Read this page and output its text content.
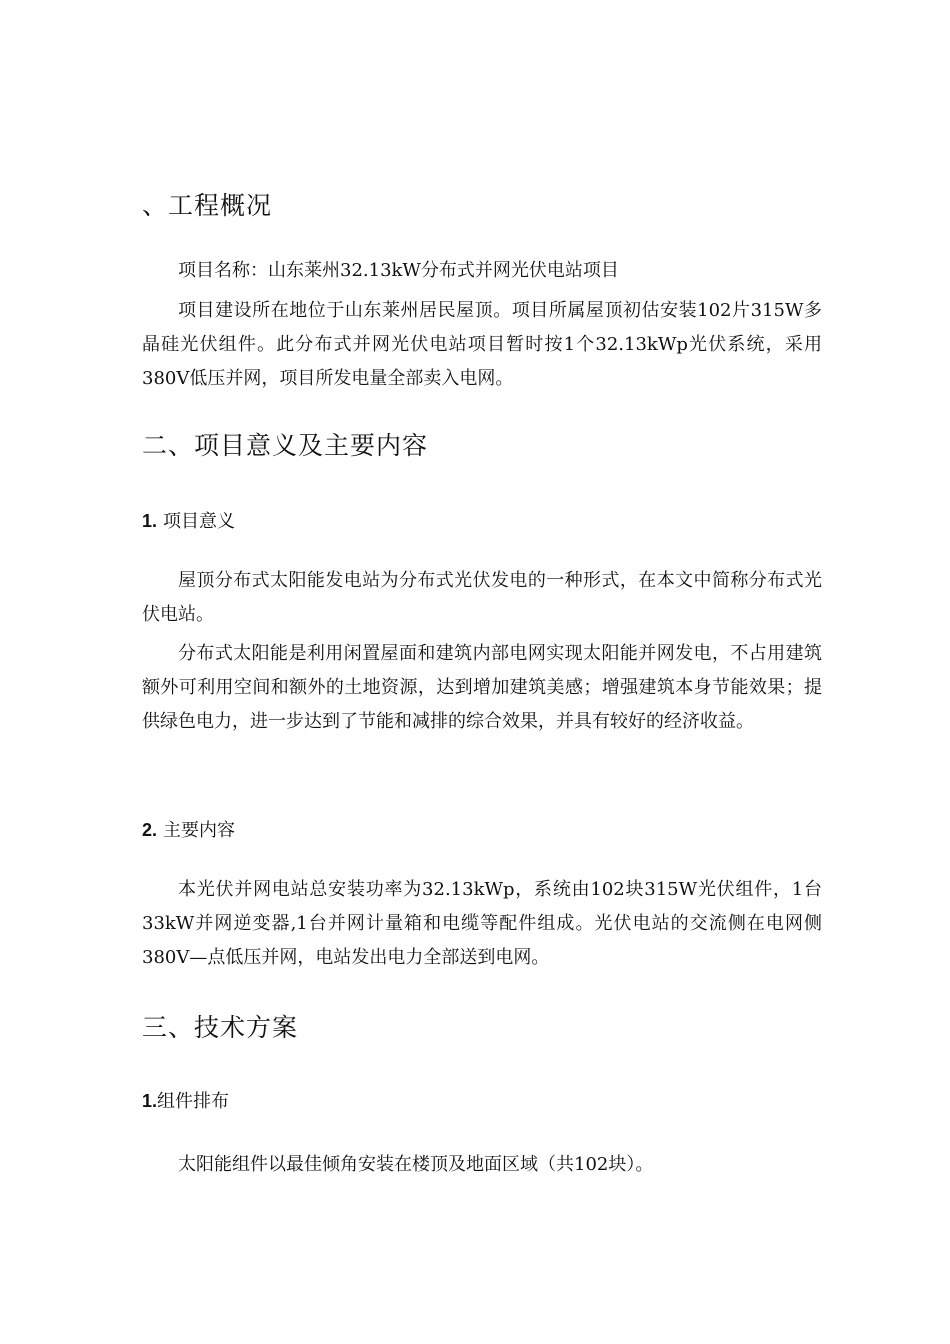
、工程概况

项目名称：山东莱州32.13kW分布式并网光伏电站项目

项目建设所在地位于山东莱州居民屋顶。项目所属屋顶初估安装102片315W多晶硅光伏组件。此分布式并网光伏电站项目暂时按1个32.13kWp光伏系统，采用380V低压并网，项目所发电量全部卖入电网。

二、项目意义及主要内容
1. 项目意义

屋顶分布式太阳能发电站为分布式光伏发电的一种形式，在本文中简称分布式光伏电站。

分布式太阳能是利用闲置屋面和建筑内部电网实现太阳能并网发电，不占用建筑额外可利用空间和额外的土地资源，达到增加建筑美感；增强建筑本身节能效果；提供绿色电力，进一步达到了节能和减排的综合效果，并具有较好的经济收益。

2. 主要内容

本光伏并网电站总安装功率为32.13kWp，系统由102块315W光伏组件，1台33kW并网逆变器,1台并网计量箱和电缆等配件组成。光伏电站的交流侧在电网侧380V—点低压并网，电站发出电力全部送到电网。

三、技术方案
1.组件排布

太阳能组件以最佳倾角安装在楼顶及地面区域（共102块）。
